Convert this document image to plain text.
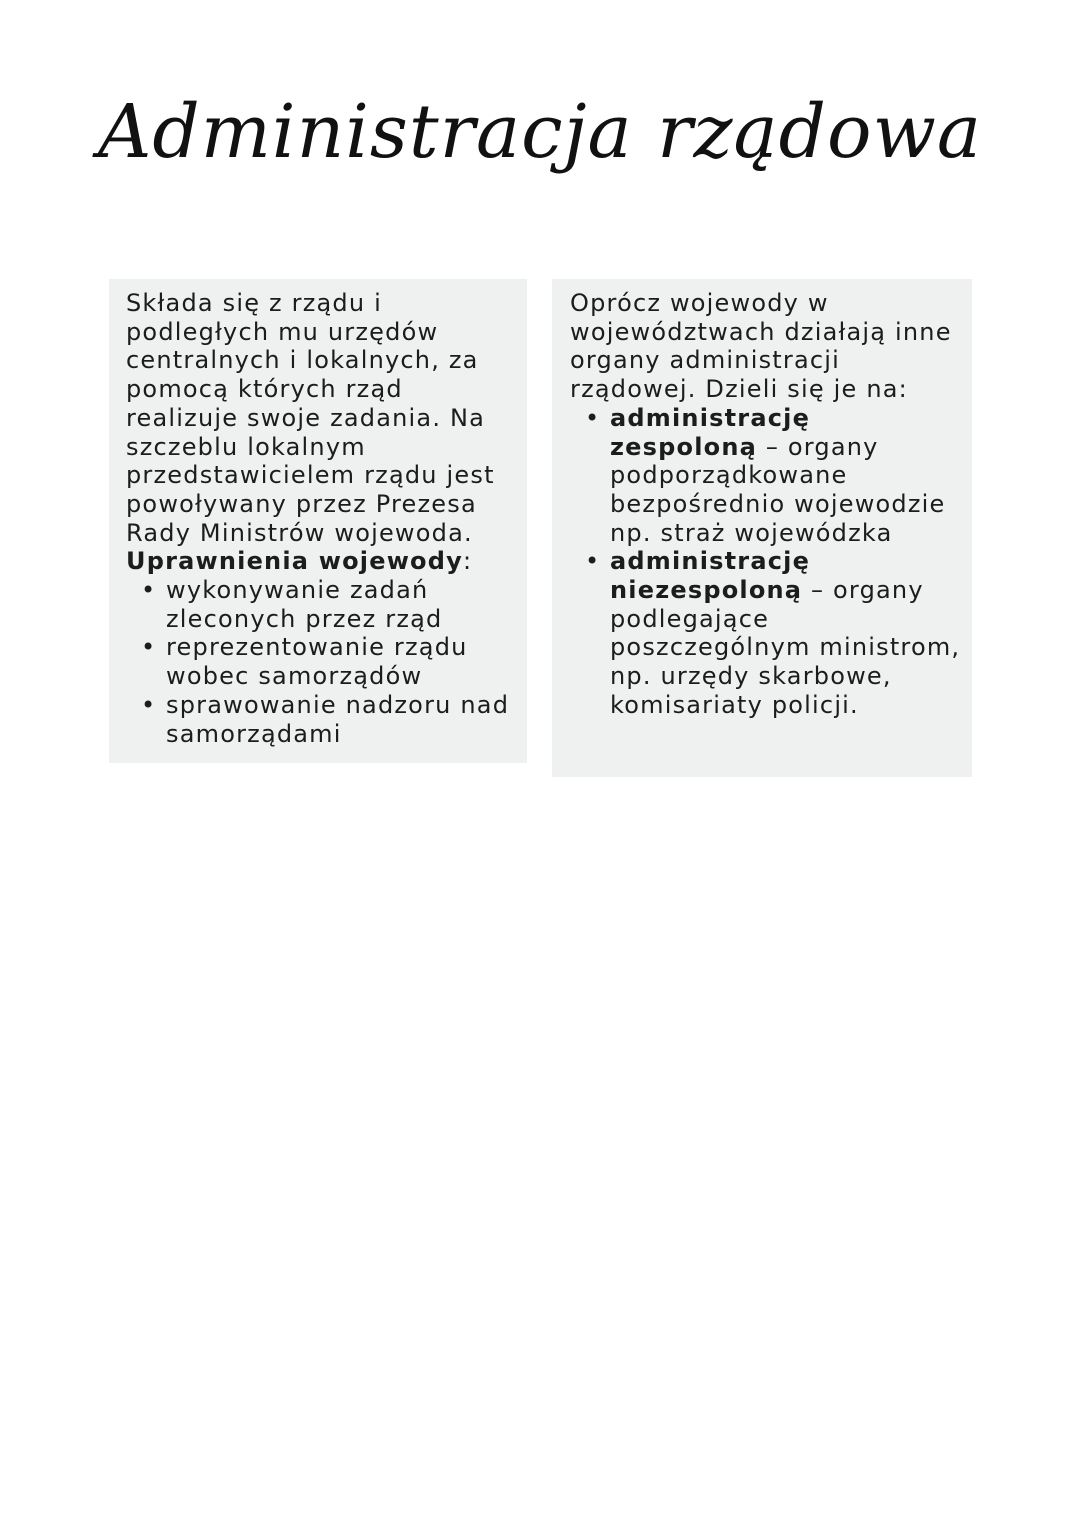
Administracja rządowa

Składa się z rządu i podległych mu urzędów centralnych i lokalnych, za pomocą których rząd realizuje swoje zadania. Na szczeblu lokalnym przedstawicielem rządu jest powoływany przez Prezesa Rady Ministrów wojewoda.
Uprawnienia wojewody:

• wykonywanie zadań zleconych przez rząd
• reprezentowanie rządu wobec samorządów
• sprawowanie nadzoru nad samorządami

Oprócz wojewody w województwach działają inne organy administracji rządowej. Dzieli się je na:

• administrację zespoloną – organy podporządkowane bezpośrednio wojewodzie np. straż wojewódzka
• administrację niezespoloną – organy podlegające poszczególnym ministrom, np. urzędy skarbowe, komisariaty policji.
